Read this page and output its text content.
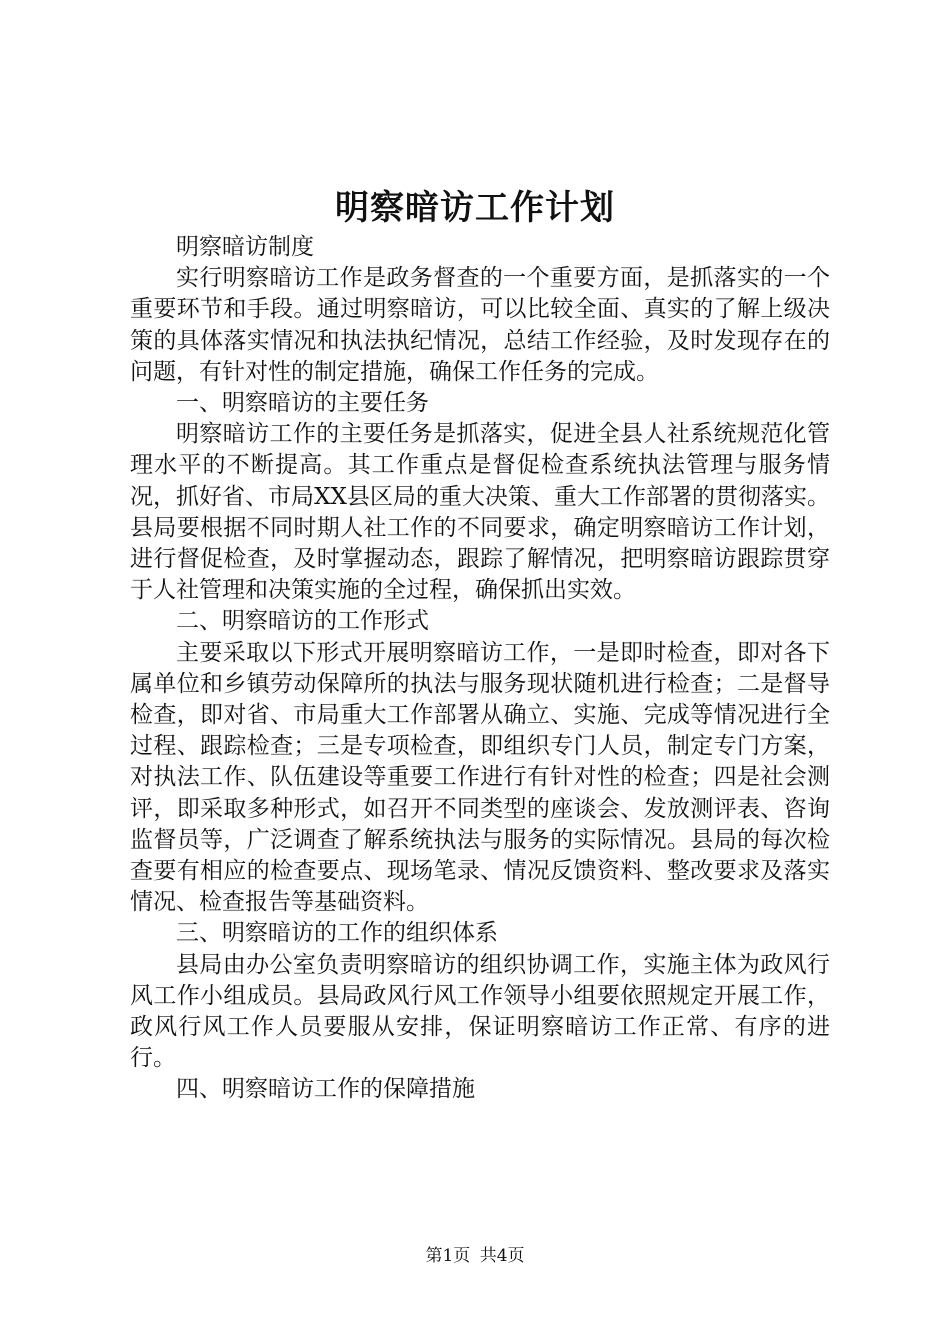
明察暗访工作计划

明察暗访制度

实行明察暗访工作是政务督查的一个重要方面，是抓落实的一个重要环节和手段。通过明察暗访，可以比较全面、真实的了解上级决策的具体落实情况和执法执纪情况，总结工作经验，及时发现存在的问题，有针对性的制定措施，确保工作任务的完成。

一、明察暗访的主要任务

明察暗访工作的主要任务是抓落实，促进全县人社系统规范化管理水平的不断提高。其工作重点是督促检查系统执法管理与服务情况，抓好省、市局XX县区局的重大决策、重大工作部署的贯彻落实。县局要根据不同时期人社工作的不同要求，确定明察暗访工作计划，进行督促检查，及时掌握动态，跟踪了解情况，把明察暗访跟踪贯穿于人社管理和决策实施的全过程，确保抓出实效。

二、明察暗访的工作形式

主要采取以下形式开展明察暗访工作，一是即时检查，即对各下属单位和乡镇劳动保障所的执法与服务现状随机进行检查；二是督导检查，即对省、市局重大工作部署从确立、实施、完成等情况进行全过程、跟踪检查；三是专项检查，即组织专门人员，制定专门方案，对执法工作、队伍建设等重要工作进行有针对性的检查；四是社会测评，即采取多种形式，如召开不同类型的座谈会、发放测评表、咨询监督员等，广泛调查了解系统执法与服务的实际情况。县局的每次检查要有相应的检查要点、现场笔录、情况反馈资料、整改要求及落实情况、检查报告等基础资料。

三、明察暗访的工作的组织体系

县局由办公室负责明察暗访的组织协调工作，实施主体为政风行风工作小组成员。县局政风行风工作领导小组要依照规定开展工作，政风行风工作人员要服从安排，保证明察暗访工作正常、有序的进行。

四、明察暗访工作的保障措施

第1页 共4页
